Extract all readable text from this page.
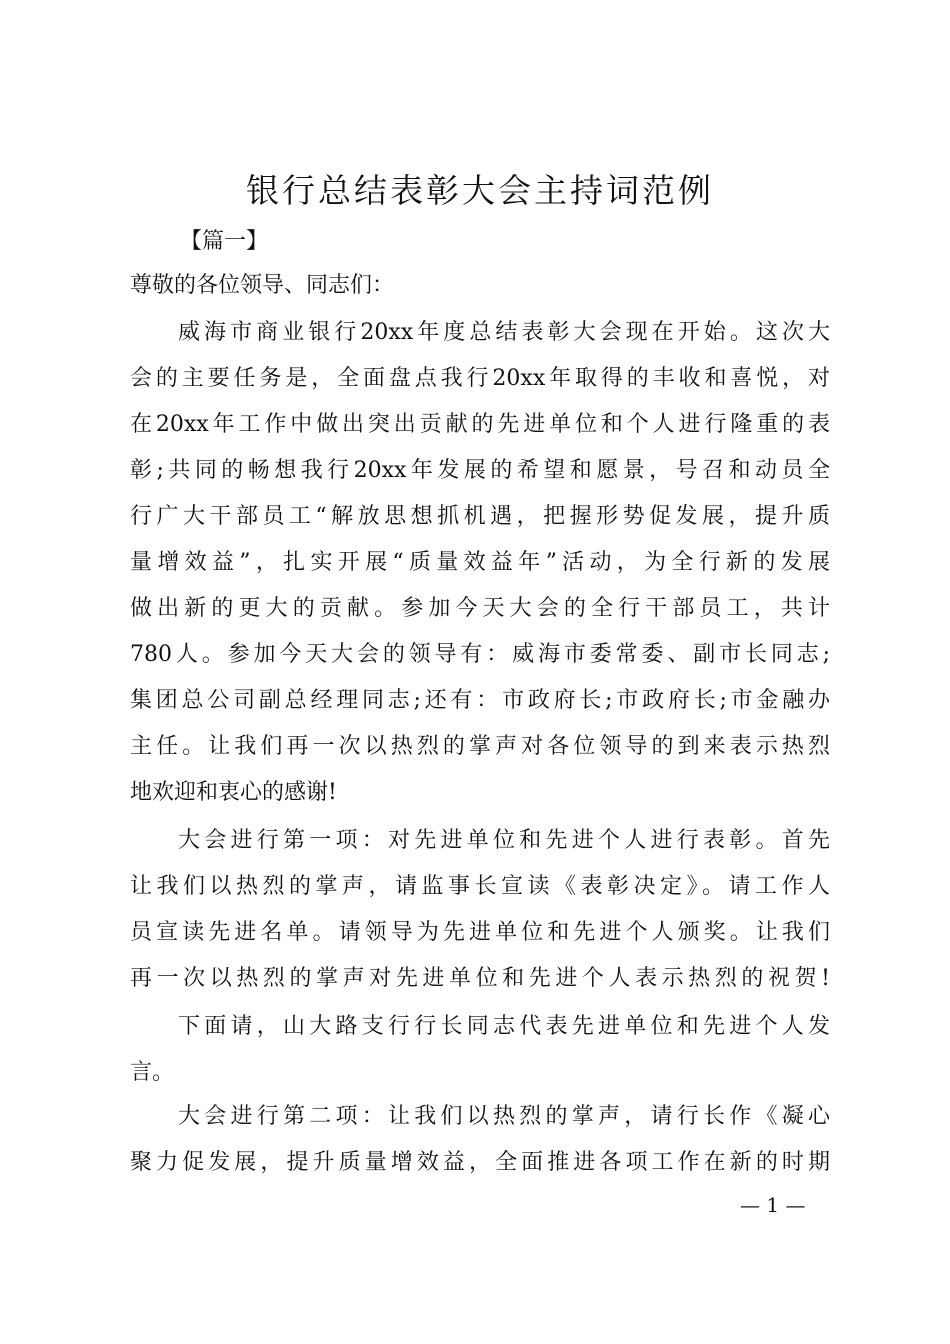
银行总结表彰大会主持词范例
【篇一】
尊敬的各位领导、同志们：
威海市商业银行20xx年度总结表彰大会现在开始。这次大
会的主要任务是，全面盘点我行20xx年取得的丰收和喜悦，对
在20xx年工作中做出突出贡献的先进单位和个人进行隆重的表
彰;共同的畅想我行20xx年发展的希望和愿景，号召和动员全
行广大干部员工“解放思想抓机遇，把握形势促发展，提升质
量增效益”，扎实开展“质量效益年”活动，为全行新的发展
做出新的更大的贡献。参加今天大会的全行干部员工，共计
780人。参加今天大会的领导有：威海市委常委、副市长同志;
集团总公司副总经理同志;还有：市政府长;市政府长;市金融办
主任。让我们再一次以热烈的掌声对各位领导的到来表示热烈
地欢迎和衷心的感谢!
大会进行第一项：对先进单位和先进个人进行表彰。首先
让我们以热烈的掌声，请监事长宣读《表彰决定》。请工作人
员宣读先进名单。请领导为先进单位和先进个人颁奖。让我们
再一次以热烈的掌声对先进单位和先进个人表示热烈的祝贺!
下面请，山大路支行行长同志代表先进单位和先进个人发
言。
大会进行第二项：让我们以热烈的掌声，请行长作《凝心
聚力促发展，提升质量增效益，全面推进各项工作在新的时期
— 1 —
